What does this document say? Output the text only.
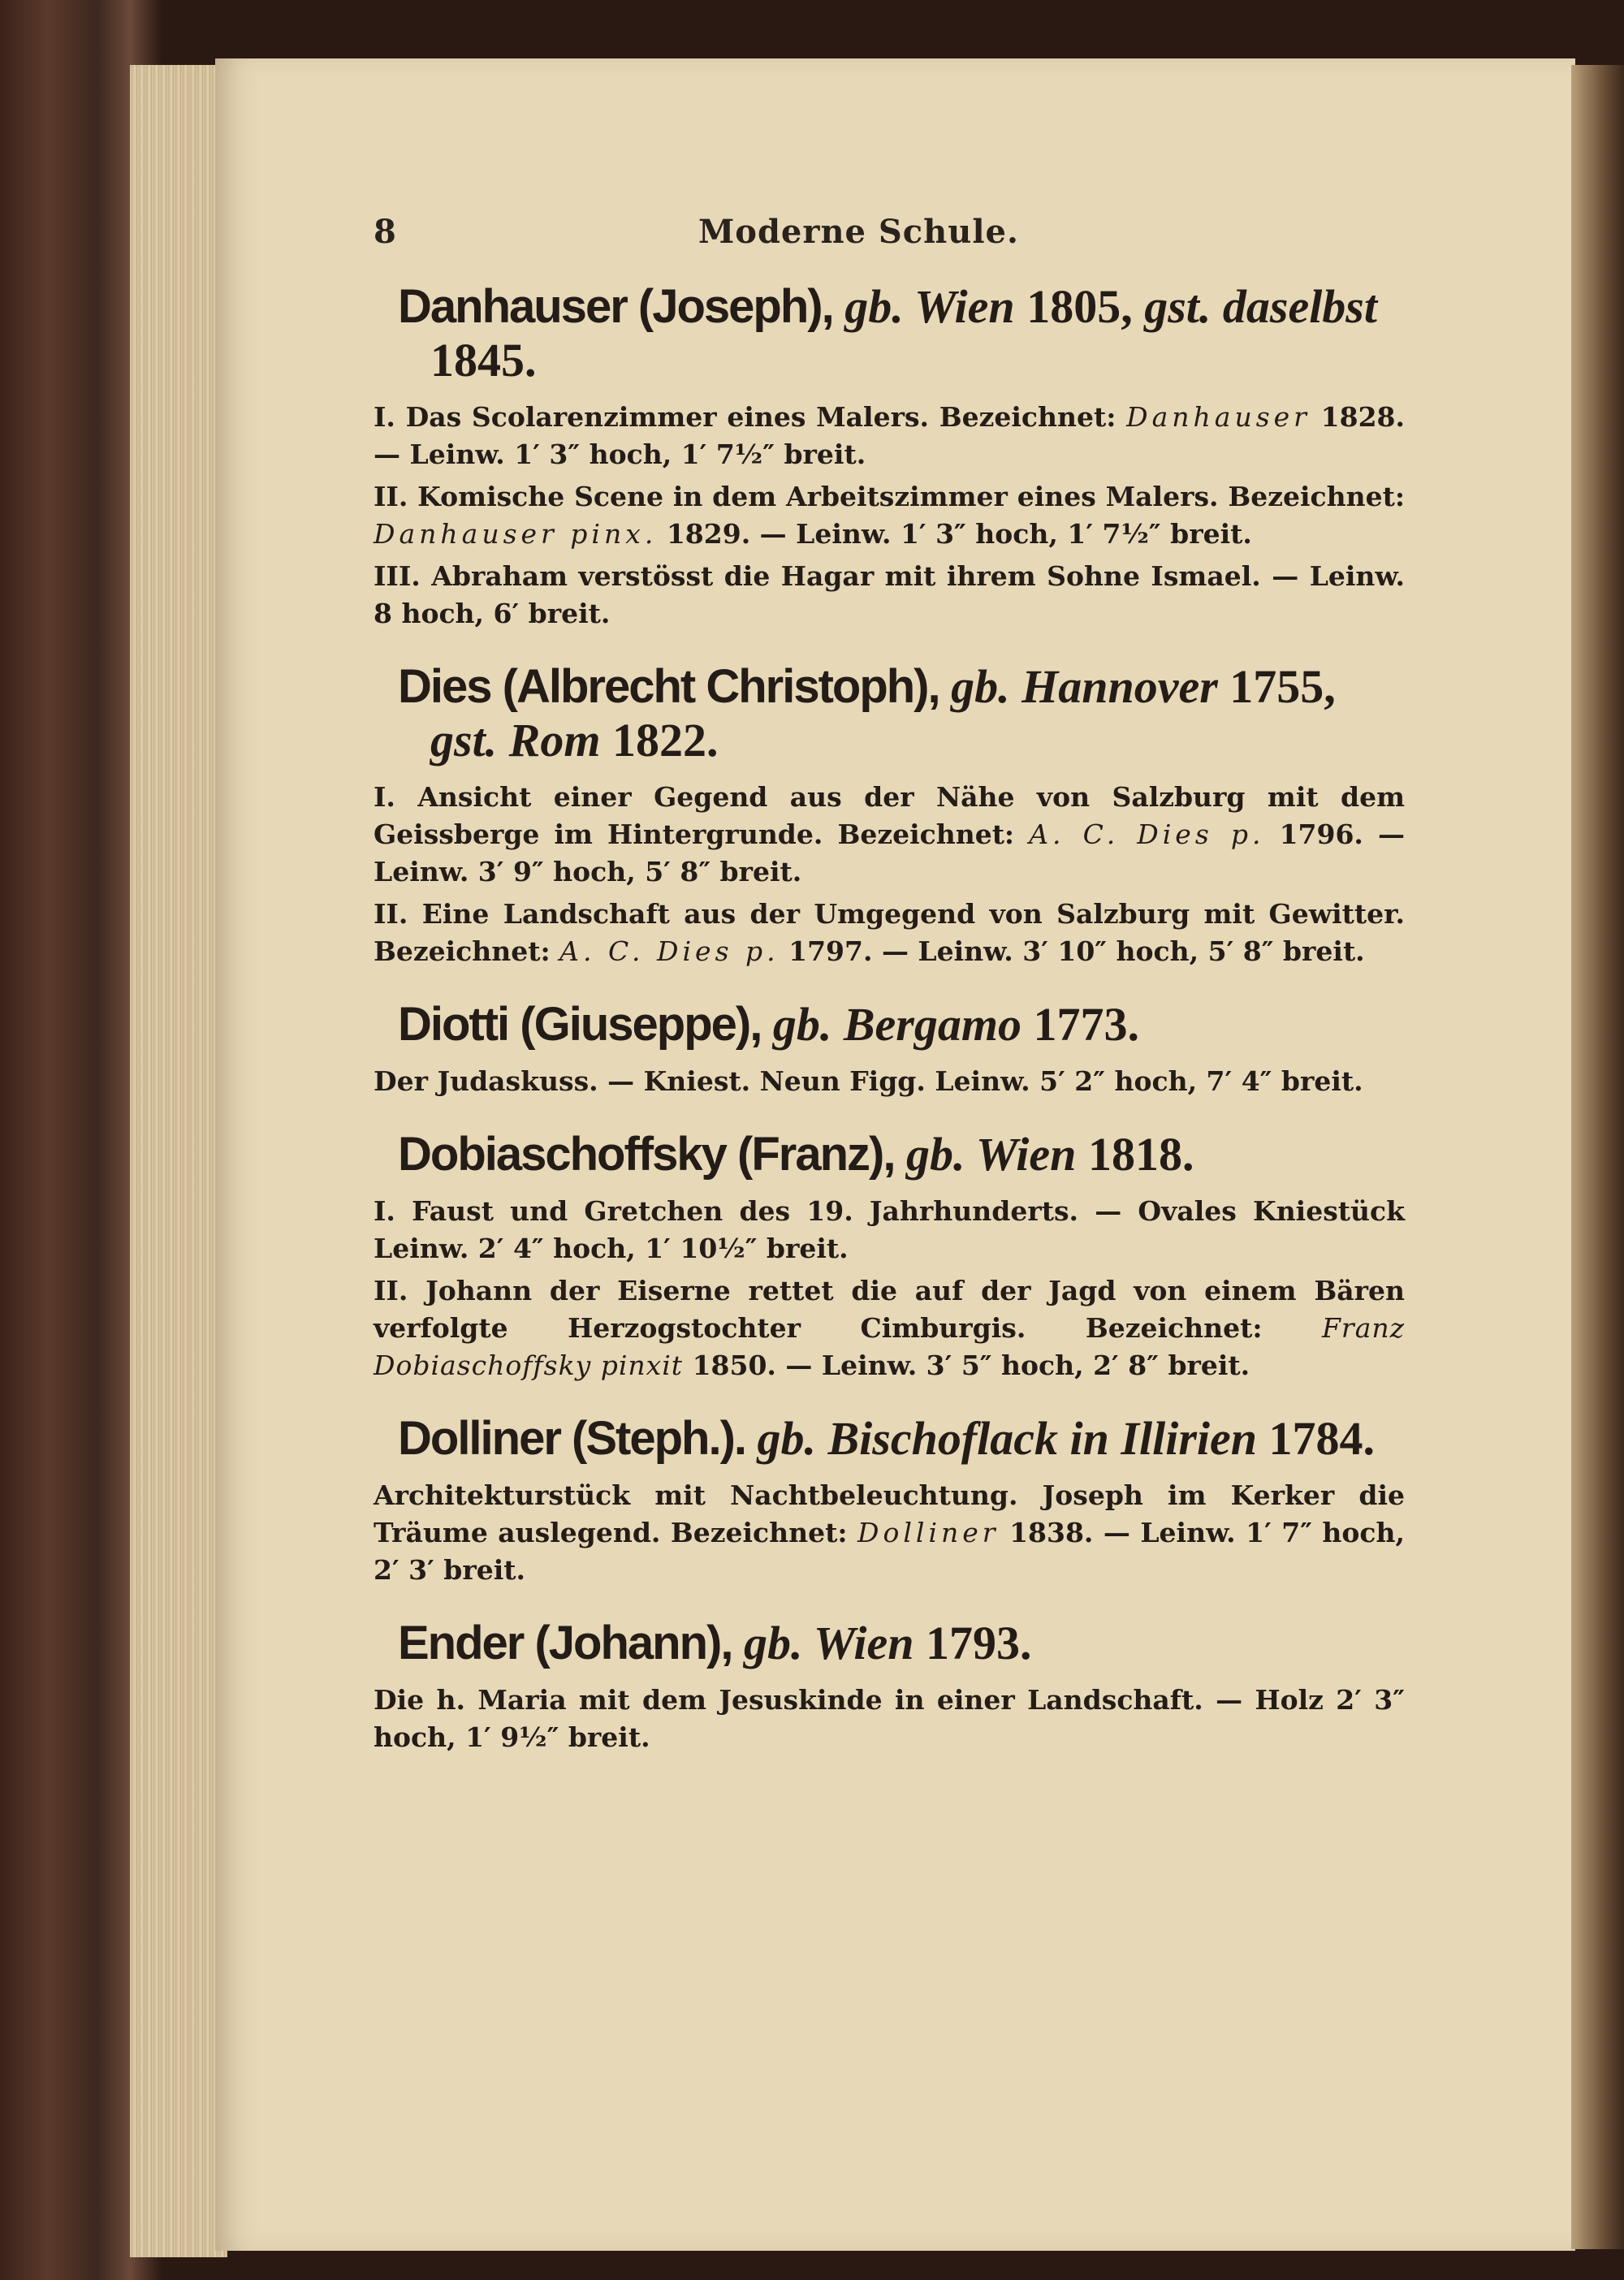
8	Moderne Schule.
Danhauser (Joseph), gb. Wien 1805, gst. daselbst 1845.
I. Das Scolarenzimmer eines Malers. Bezeichnet: Danhauser 1828. — Leinw. 1′ 3″ hoch, 1′ 7½″ breit.
II. Komische Scene in dem Arbeitszimmer eines Malers. Bezeichnet: Danhauser pinx. 1829. — Leinw. 1′ 3″ hoch, 1′ 7½″ breit.
III. Abraham verstösst die Hagar mit ihrem Sohne Ismael. — Leinw. 8 hoch, 6′ breit.
Dies (Albrecht Christoph), gb. Hannover 1755, gst. Rom 1822.
I. Ansicht einer Gegend aus der Nähe von Salzburg mit dem Geissberge im Hintergrunde. Bezeichnet: A. C. Dies p. 1796. — Leinw. 3′ 9″ hoch, 5′ 8″ breit.
II. Eine Landschaft aus der Umgegend von Salzburg mit Gewitter. Bezeichnet: A. C. Dies p. 1797. — Leinw. 3′ 10″ hoch, 5′ 8″ breit.
Diotti (Giuseppe), gb. Bergamo 1773.
Der Judaskuss. — Kniest. Neun Figg. Leinw. 5′ 2″ hoch, 7′ 4″ breit.
Dobiaschoffsky (Franz), gb. Wien 1818.
I. Faust und Gretchen des 19. Jahrhunderts. — Ovales Kniestück Leinw. 2′ 4″ hoch, 1′ 10½″ breit.
II. Johann der Eiserne rettet die auf der Jagd von einem Bären verfolgte Herzogstochter Cimburgis. Bezeichnet: Franz Dobiaschoffsky pinxit 1850. — Leinw. 3′ 5″ hoch, 2′ 8″ breit.
Dolliner (Steph.). gb. Bischoflack in Illirien 1784.
Architekturstück mit Nachtbeleuchtung. Joseph im Kerker die Träume auslegend. Bezeichnet: Dolliner 1838. — Leinw. 1′ 7″ hoch, 2′ 3′ breit.
Ender (Johann), gb. Wien 1793.
Die h. Maria mit dem Jesuskinde in einer Landschaft. — Holz 2′ 3″ hoch, 1′ 9½″ breit.
